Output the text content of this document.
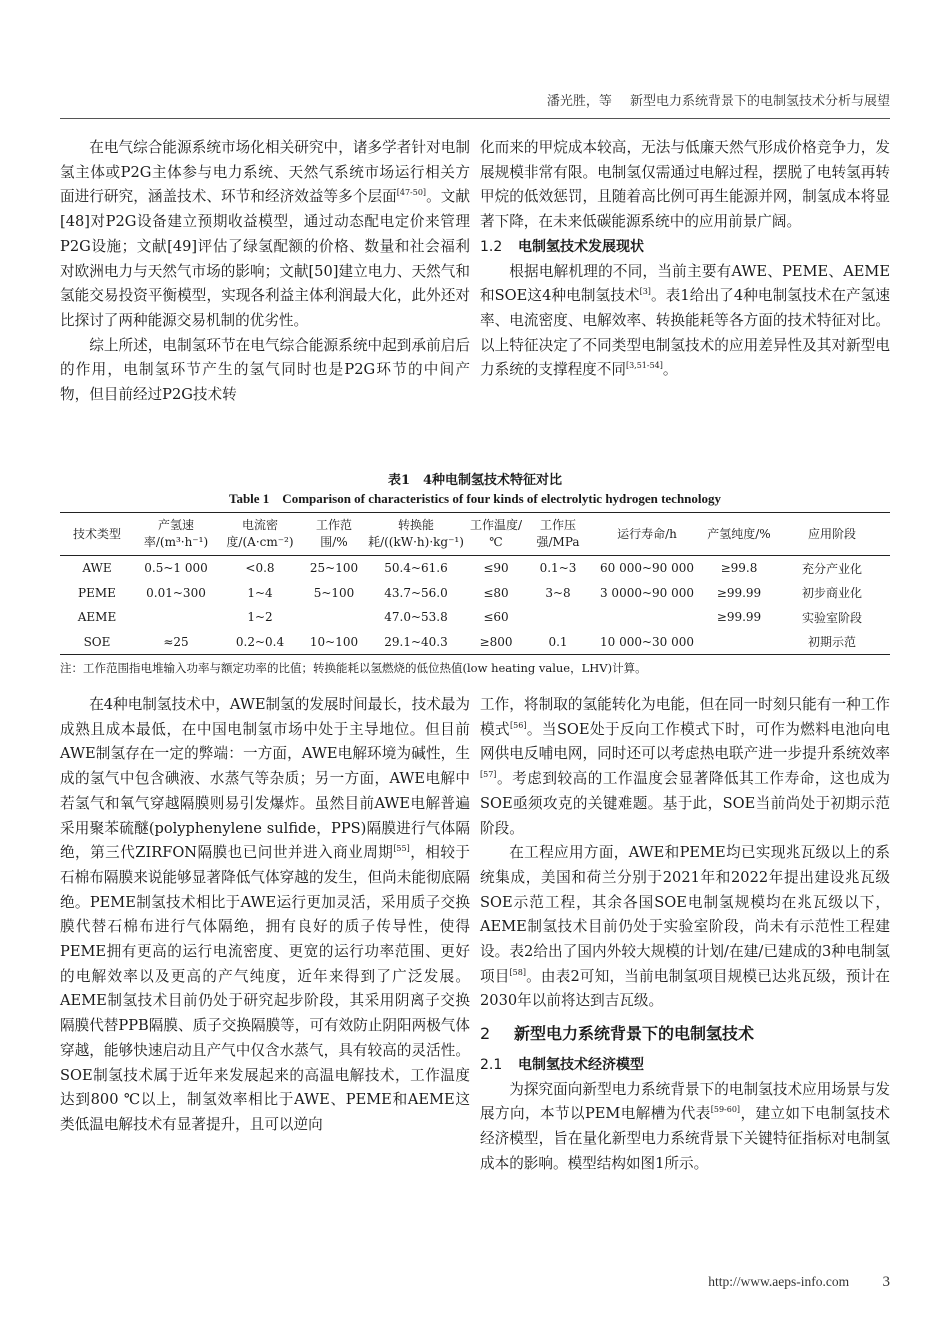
潘光胜，等 新型电力系统背景下的电制氢技术分析与展望

在电气综合能源系统市场化相关研究中，诸多学者针对电制氢主体或P2G主体参与电力系统、天然气系统市场运行相关方面进行研究，涵盖技术、环节和经济效益等多个层面[47-50]。文献[48]对P2G设备建立预期收益模型，通过动态配电定价来管理P2G设施；文献[49]评估了绿氢配额的价格、数量和社会福利对欧洲电力与天然气市场的影响；文献[50]建立电力、天然气和氢能交易投资平衡模型，实现各利益主体利润最大化，此外还对比探讨了两种能源交易机制的优劣性。

综上所述，电制氢环节在电气综合能源系统中起到承前启后的作用，电制氢环节产生的氢气同时也是P2G环节的中间产物，但目前经过P2G技术转

化而来的甲烷成本较高，无法与低廉天然气形成价格竞争力，发展规模非常有限。电制氢仅需通过电解过程，摆脱了电转氢再转甲烷的低效惩罚，且随着高比例可再生能源并网，制氢成本将显著下降，在未来低碳能源系统中的应用前景广阔。

1.2 电制氢技术发展现状

根据电解机理的不同，当前主要有AWE、PEME、AEME和SOE这4种电制氢技术[3]。表1给出了4种电制氢技术在产氢速率、电流密度、电解效率、转换能耗等各方面的技术特征对比。以上特征决定了不同类型电制氢技术的应用差异性及其对新型电力系统的支撑程度不同[3,51-54]。

表1　4种电制氢技术特征对比
Table 1　Comparison of characteristics of four kinds of electrolytic hydrogen technology
技术类型	产氢速率/(m³·h⁻¹)	电流密度/(A·cm⁻²)	工作范围/%	转换能耗/((kW·h)·kg⁻¹)	工作温度/℃	工作压强/MPa	运行寿命/h	产氢纯度/%	应用阶段
AWE	0.5~1 000	<0.8	25~100	50.4~61.6	≤90	0.1~3	60 000~90 000	≥99.8	充分产业化
PEME	0.01~300	1~4	5~100	43.7~56.0	≤80	3~8	3 0000~90 000	≥99.99	初步商业化
AEME		1~2		47.0~53.8	≤60			≥99.99	实验室阶段
SOE	≈25	0.2~0.4	10~100	29.1~40.3	≥800	0.1	10 000~30 000		初期示范
注：工作范围指电堆输入功率与额定功率的比值；转换能耗以氢燃烧的低位热值(low heating value，LHV)计算。

在4种电制氢技术中，AWE制氢的发展时间最长，技术最为成熟且成本最低，在中国电制氢市场中处于主导地位。但目前AWE制氢存在一定的弊端：一方面，AWE电解环境为碱性，生成的氢气中包含碘液、水蒸气等杂质；另一方面，AWE电解中若氢气和氧气穿越隔膜则易引发爆炸。虽然目前AWE电解普遍采用聚苯硫醚(polyphenylene sulfide，PPS)隔膜进行气体隔绝，第三代ZIRFON隔膜也已问世并进入商业周期[55]，相较于石棉布隔膜来说能够显著降低气体穿越的发生，但尚未能彻底隔绝。PEME制氢技术相比于AWE运行更加灵活，采用质子交换膜代替石棉布进行气体隔绝，拥有良好的质子传导性，使得PEME拥有更高的运行电流密度、更宽的运行功率范围、更好的电解效率以及更高的产气纯度，近年来得到了广泛发展。AEME制氢技术目前仍处于研究起步阶段，其采用阴离子交换隔膜代替PPB隔膜、质子交换隔膜等，可有效防止阴阳两极气体穿越，能够快速启动且产气中仅含水蒸气，具有较高的灵活性。SOE制氢技术属于近年来发展起来的高温电解技术，工作温度达到800 ℃以上，制氢效率相比于AWE、PEME和AEME这类低温电解技术有显著提升，且可以逆向

工作，将制取的氢能转化为电能，但在同一时刻只能有一种工作模式[56]。当SOE处于反向工作模式下时，可作为燃料电池向电网供电反哺电网，同时还可以考虑热电联产进一步提升系统效率[57]。考虑到较高的工作温度会显著降低其工作寿命，这也成为SOE亟须攻克的关键难题。基于此，SOE当前尚处于初期示范阶段。

在工程应用方面，AWE和PEME均已实现兆瓦级以上的系统集成，美国和荷兰分别于2021年和2022年提出建设兆瓦级SOE示范工程，其余各国SOE电制氢规模均在兆瓦级以下，AEME制氢技术目前仍处于实验室阶段，尚未有示范性工程建设。表2给出了国内外较大规模的计划/在建/已建成的3种电制氢项目[58]。由表2可知，当前电制氢项目规模已达兆瓦级，预计在2030年以前将达到吉瓦级。

2 新型电力系统背景下的电制氢技术
2.1 电制氢技术经济模型

为探究面向新型电力系统背景下的电制氢技术应用场景与发展方向，本节以PEM电解槽为代表[59-60]，建立如下电制氢技术经济模型，旨在量化新型电力系统背景下关键特征指标对电制氢成本的影响。模型结构如图1所示。

http://www.aeps-info.com 3
